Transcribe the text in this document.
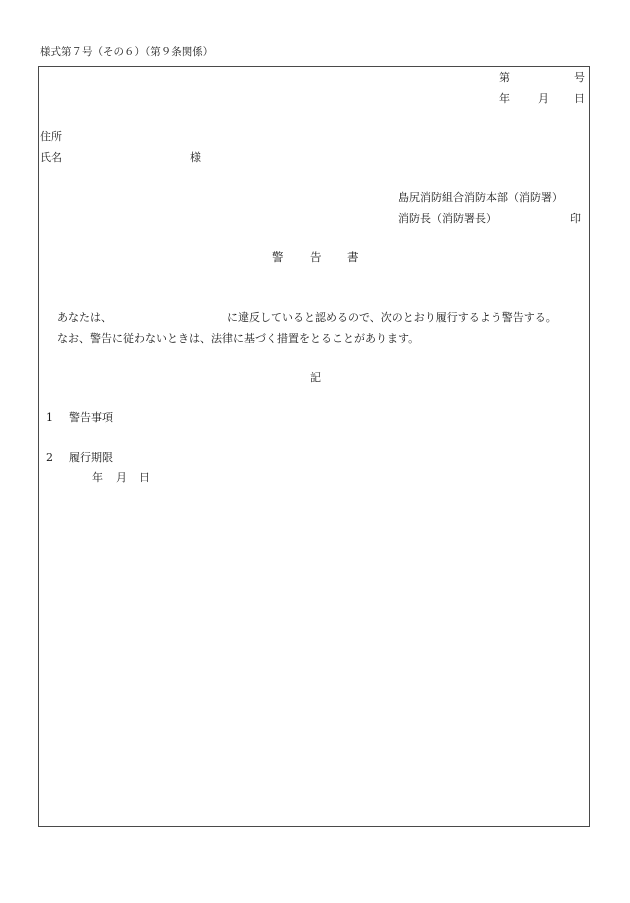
様式第７号（その６）（第９条関係）
第	号
年	月 日
住所
氏名	様
島尻消防組合消防本部（消防署）
消防長（消防署長）	印
警 告 書
あなたは、	に違反していると認めるので、次のとおり履行するよう警告する。
なお、警告に従わないときは、法律に基づく措置をとることがあります。
記
1 警告事項
2 履行期限
年 月 日
